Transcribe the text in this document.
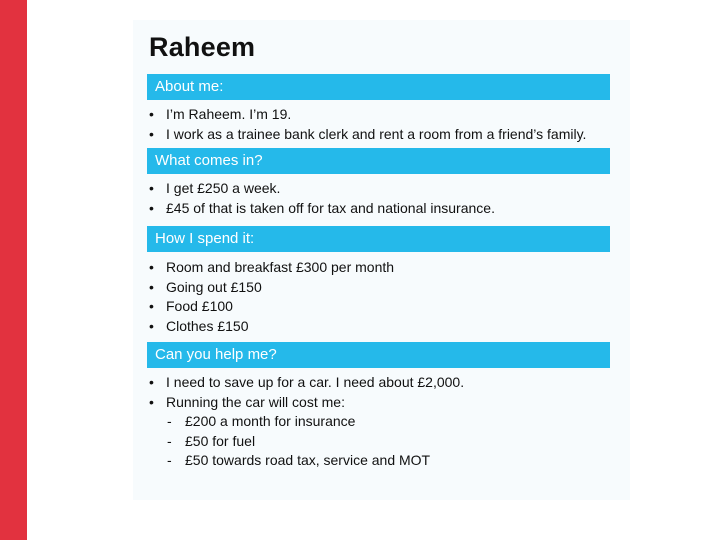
Raheem
About me:
• I’m Raheem. I’m 19.
• I work as a trainee bank clerk and rent a room from a friend’s family.
What comes in?
• I get £250 a week.
• £45 of that is taken off for tax and national insurance.
How I spend it:
• Room and breakfast £300 per month
• Going out £150
• Food £100
• Clothes £150
Can you help me?
• I need to save up for a car. I need about £2,000.
• Running the car will cost me:
- £200 a month for insurance
- £50 for fuel
- £50 towards road tax, service and MOT
